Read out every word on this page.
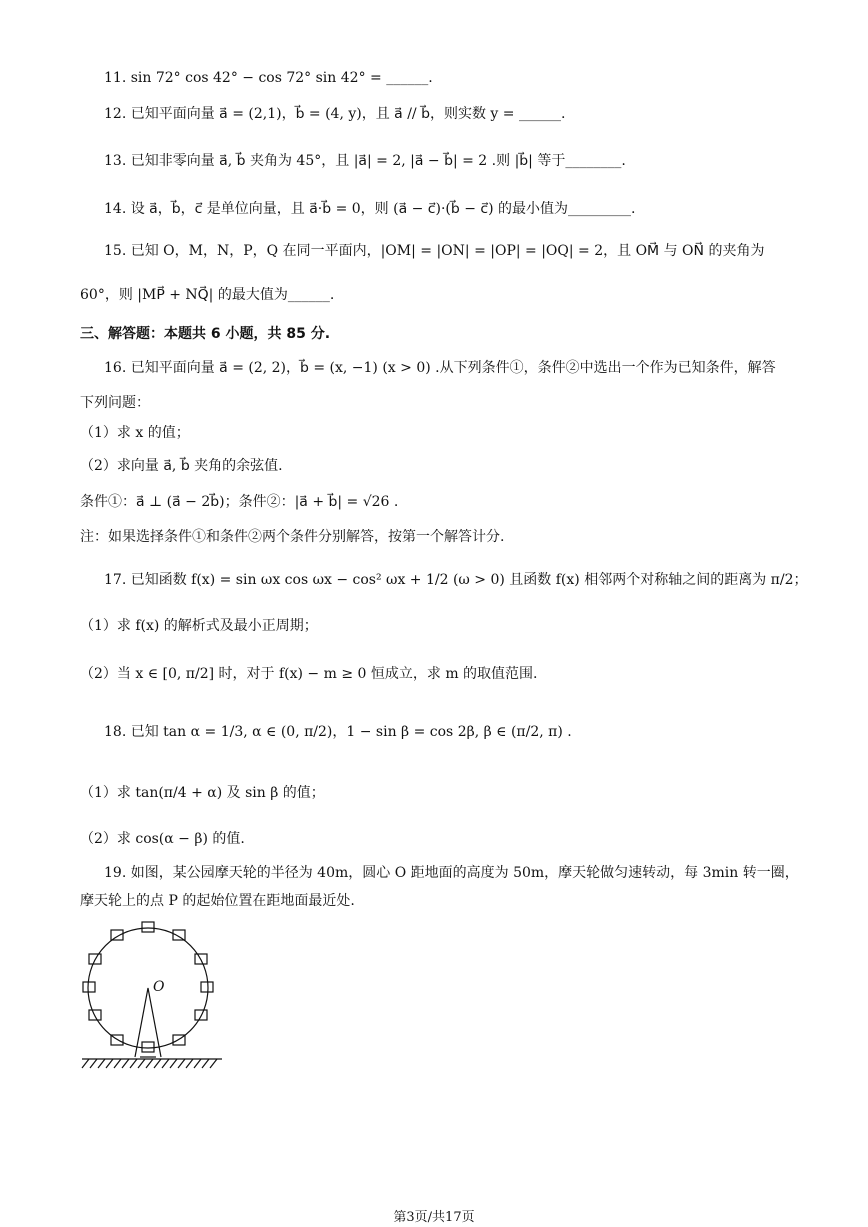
11. sin 72° cos 42° − cos 72° sin 42° = ______.
12. 已知平面向量 a⃗ = (2,1)，b⃗ = (4, y)，且 a⃗ // b⃗，则实数 y = ______.
13. 已知非零向量 a⃗, b⃗ 夹角为 45°，且 |a⃗| = 2, |a⃗ − b⃗| = 2 .则 |b⃗| 等于________.
14. 设 a⃗，b⃗，c⃗ 是单位向量，且 a⃗·b⃗ = 0，则 (a⃗ − c⃗)·(b⃗ − c⃗) 的最小值为_________.
15. 已知 O，M，N，P，Q 在同一平面内，|OM| = |ON| = |OP| = |OQ| = 2，且 OM⃗ 与 ON⃗ 的夹角为
60°，则 |MP⃗ + NQ⃗| 的最大值为______.
三、解答题：本题共 6 小题，共 85 分.
16. 已知平面向量 a⃗ = (2, 2)，b⃗ = (x, −1) (x > 0) .从下列条件①，条件②中选出一个作为已知条件，解答
下列问题：
（1）求 x 的值；
（2）求向量 a⃗, b⃗ 夹角的余弦值.
条件①：a⃗ ⊥ (a⃗ − 2b⃗)；条件②：|a⃗ + b⃗| = √26 .
注：如果选择条件①和条件②两个条件分别解答，按第一个解答计分.
17. 已知函数 f(x) = sin ωx cos ωx − cos² ωx + 1/2 (ω > 0) 且函数 f(x) 相邻两个对称轴之间的距离为 π/2；
（1）求 f(x) 的解析式及最小正周期；
（2）当 x ∈ [0, π/2] 时，对于 f(x) − m ≥ 0 恒成立，求 m 的取值范围.
18. 已知 tan α = 1/3, α ∈ (0, π/2)，1 − sin β = cos 2β, β ∈ (π/2, π) .
（1）求 tan(π/4 + α) 及 sin β 的值；
（2）求 cos(α − β) 的值.
19. 如图，某公园摩天轮的半径为 40m，圆心 O 距地面的高度为 50m，摩天轮做匀速转动，每 3min 转一圈，
摩天轮上的点 P 的起始位置在距地面最近处.
O
第3页/共17页
